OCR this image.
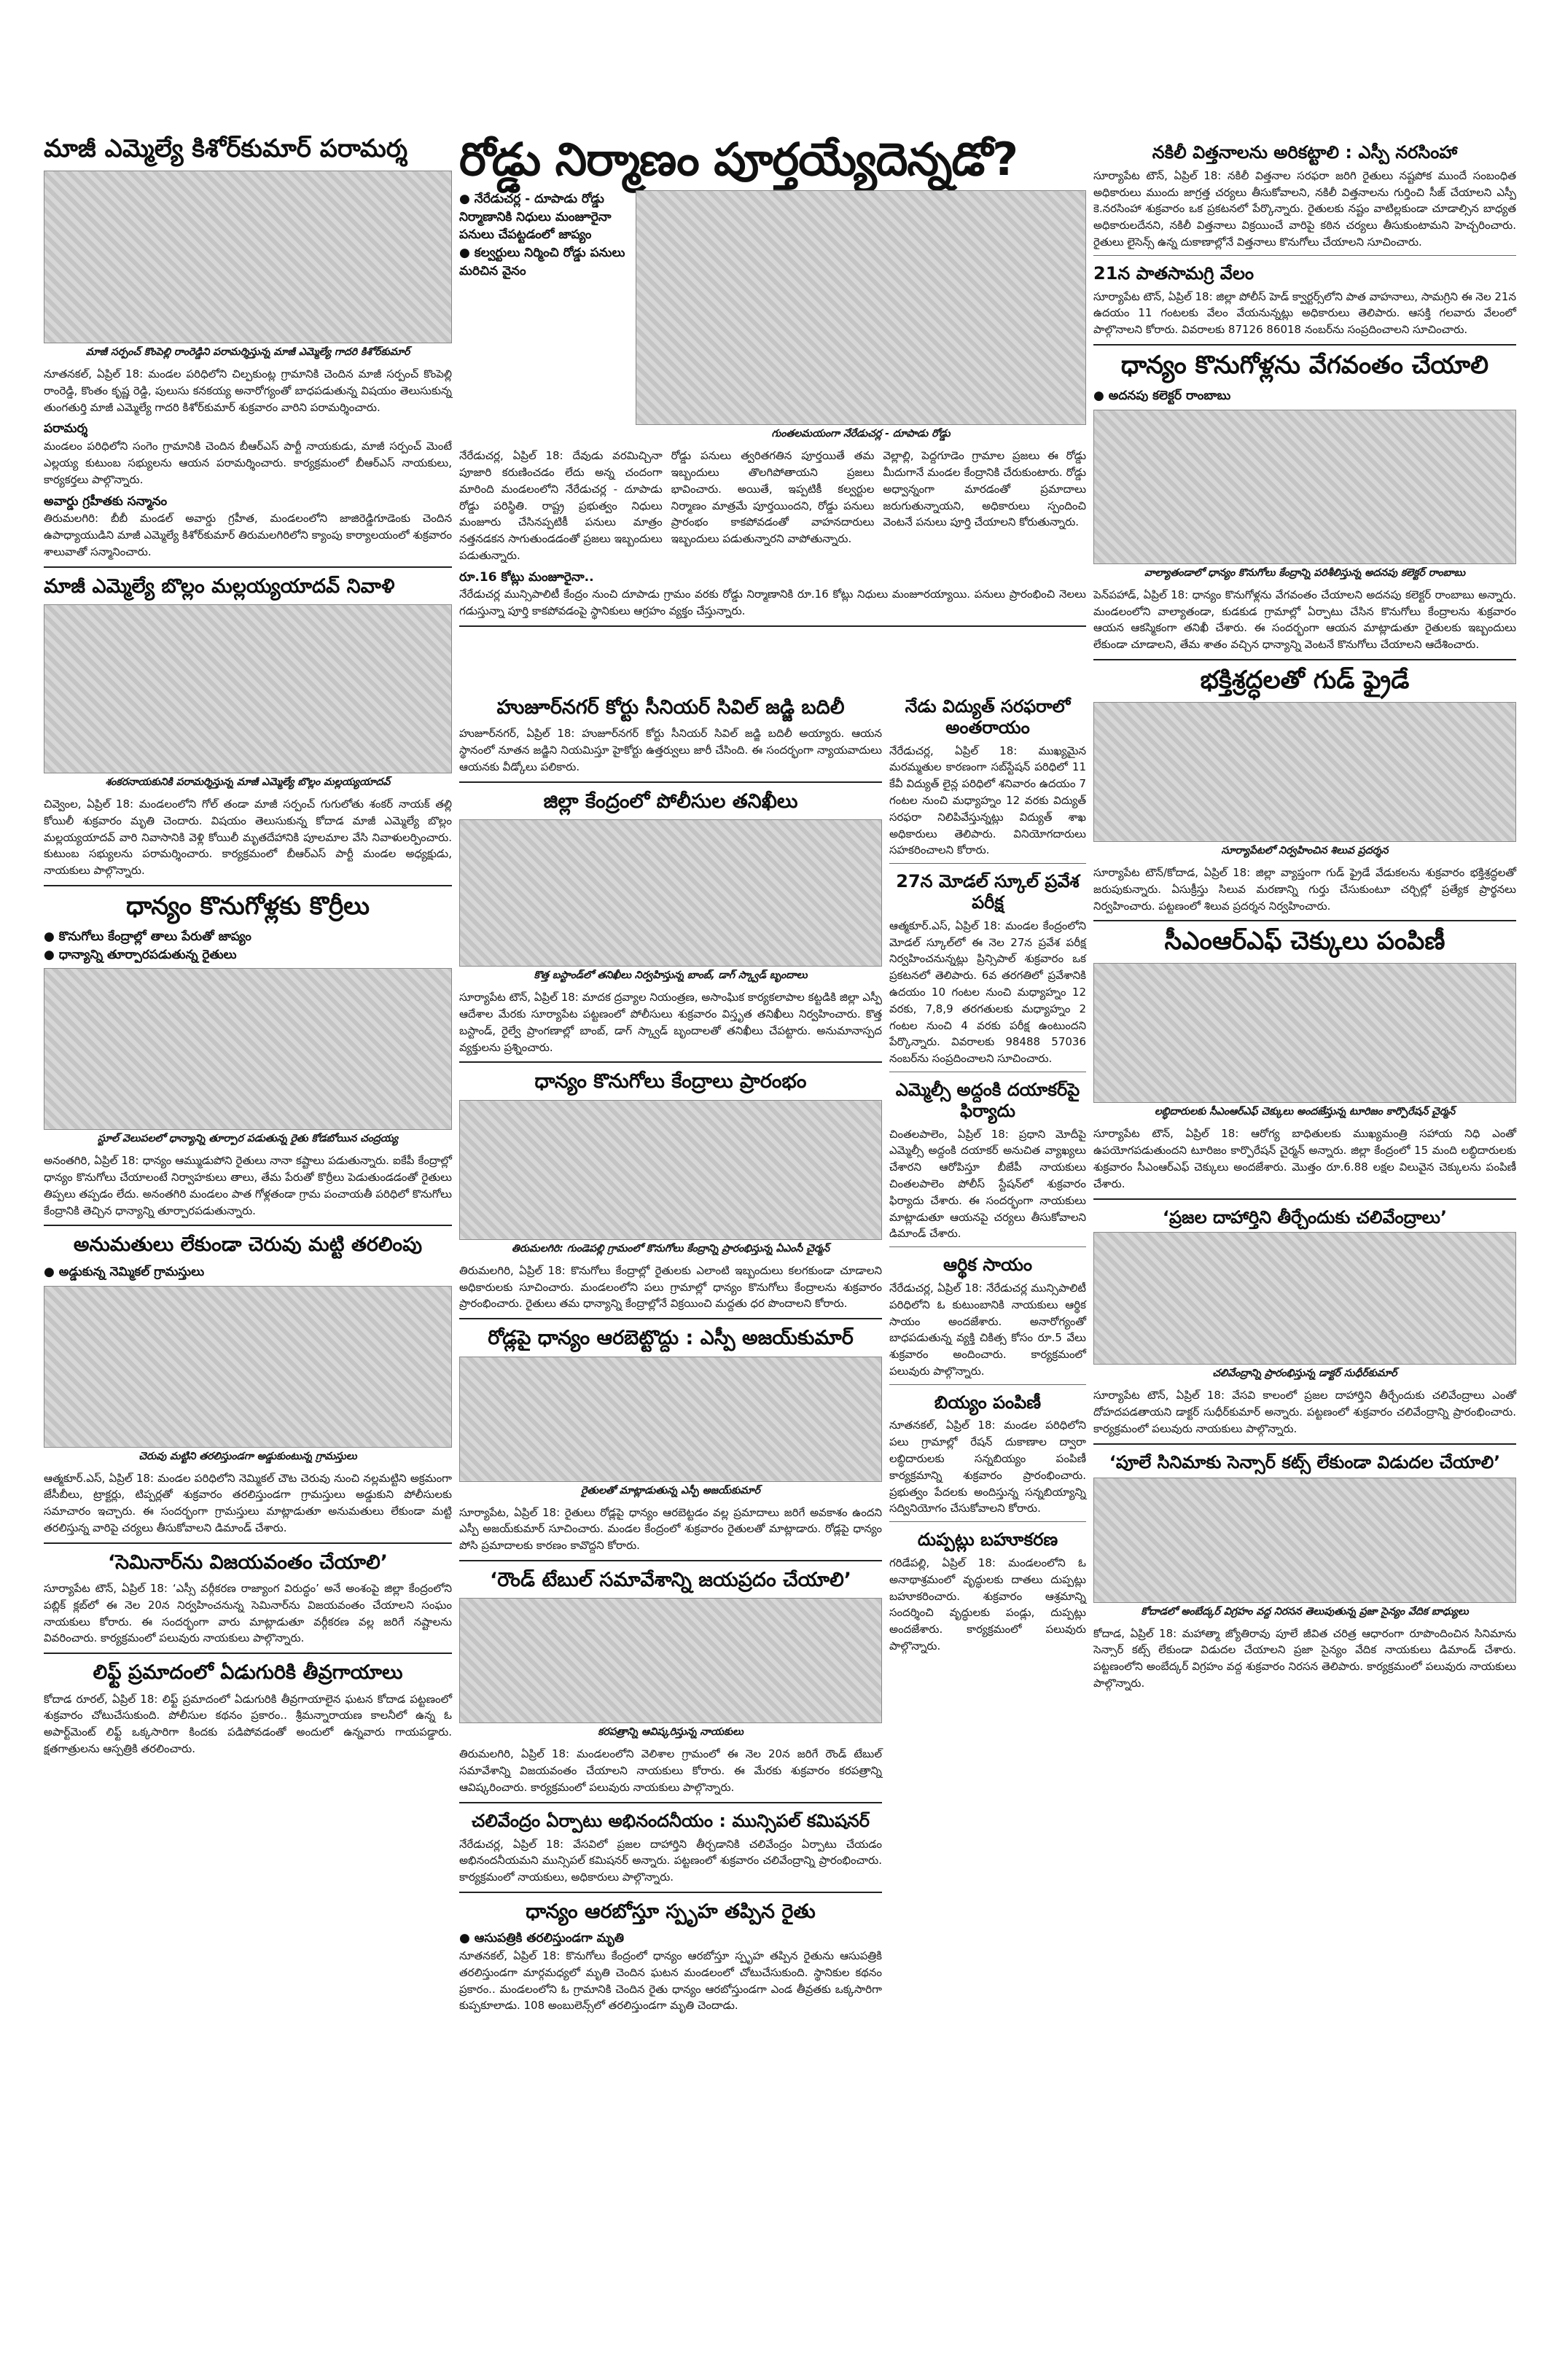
మాజీ ఎమ్మెల్యే కిశోర్‌కుమార్ పరామర్శ
మాజీ సర్పంచ్ కొంపెల్లి రాంరెడ్డిని పరామర్శిస్తున్న మాజీ ఎమ్మెల్యే గాదరి కిశోర్‌కుమార్

నూతనకల్, ఏప్రిల్ 18: మండల పరిధిలోని చిల్పకుంట్ల గ్రామానికి చెందిన మాజీ సర్పంచ్ కొంపెల్లి రాంరెడ్డి, కొంతం కృష్ణ రెడ్డి, పులుసు కనకయ్య అనారోగ్యంతో బాధపడుతున్న విషయం తెలుసుకున్న తుంగతుర్తి మాజీ ఎమ్మెల్యే గాదరి కిశోర్‌కుమార్ శుక్రవారం వారిని పరామర్శించారు.

పరామర్శ

మండలం పరిధిలోని సంగెం గ్రామానికి చెందిన బీఆర్ఎస్ పార్టీ నాయకుడు, మాజీ సర్పంచ్ మెంటే ఎల్లయ్య కుటుంబ సభ్యులను ఆయన పరామర్శించారు. కార్యక్రమంలో బీఆర్ఎస్ నాయకులు, కార్యకర్తలు పాల్గొన్నారు.

అవార్డు గ్రహీతకు సన్మానం

తిరుమలగిరి: బీబీ మండల్ అవార్డు గ్రహీత, మండలంలోని జాజిరెడ్డిగూడెంకు చెందిన ఉపాధ్యాయుడిని మాజీ ఎమ్మెల్యే కిశోర్‌కుమార్ తిరుమలగిరిలోని క్యాంపు కార్యాలయంలో శుక్రవారం శాలువాతో సన్మానించారు.

మాజీ ఎమ్మెల్యే బొల్లం మల్లయ్యయాదవ్ నివాళి
శంకరనాయకునికి పరామర్శిస్తున్న మాజీ ఎమ్మెల్యే బొల్లం మల్లయ్యయాదవ్

చివ్వెంల, ఏప్రిల్ 18: మండలంలోని గోల్ తండా మాజీ సర్పంచ్ గుగులోతు శంకర్ నాయక్ తల్లి కోయిలీ శుక్రవారం మృతి చెందారు. విషయం తెలుసుకున్న కోదాడ మాజీ ఎమ్మెల్యే బొల్లం మల్లయ్యయాదవ్ వారి నివాసానికి వెళ్లి కోయిలీ మృతదేహానికి పూలమాల వేసి నివాళులర్పించారు. కుటుంబ సభ్యులను పరామర్శించారు. కార్యక్రమంలో బీఆర్ఎస్ పార్టీ మండల అధ్యక్షుడు, నాయకులు పాల్గొన్నారు.

ధాన్యం కొనుగోళ్లకు కొర్రీలు
● కొనుగోలు కేంద్రాల్లో తాలు పేరుతో జాప్యం
● ధాన్యాన్ని తూర్పారపడుతున్న రైతులు
స్టూల్ వెలుపలలో ధాన్యాన్ని తూర్పార పడుతున్న రైతు కోడబోయిన చంద్రయ్య

అనంతగిరి, ఏప్రిల్ 18: ధాన్యం ఆమ్ముడుపోని రైతులు నానా కష్టాలు పడుతున్నారు. ఐకేపీ కేంద్రాల్లో ధాన్యం కొనుగోలు చేయాలంటే నిర్వాహకులు తాలు, తేమ పేరుతో కొర్రీలు పెడుతుండడంతో రైతులు తిప్పలు తప్పడం లేదు. అనంతగిరి మండలం పాత గోళ్లతండా గ్రామ పంచాయతీ పరిధిలో కొనుగోలు కేంద్రానికి తెచ్చిన ధాన్యాన్ని తూర్పారపడుతున్నారు.

అనుమతులు లేకుండా చెరువు మట్టి తరలింపు
● అడ్డుకున్న నెమ్మికల్ గ్రామస్తులు
చెరువు మట్టిని తరలిస్తుండగా అడ్డుకుంటున్న గ్రామస్తులు

ఆత్మకూర్.ఎస్, ఏప్రిల్ 18: మండల పరిధిలోని నెమ్మికల్ చౌట చెరువు నుంచి నల్లమట్టిని అక్రమంగా జేసీబీలు, ట్రాక్టర్లు, టిప్పర్లతో శుక్రవారం తరలిస్తుండగా గ్రామస్తులు అడ్డుకుని పోలీసులకు సమాచారం ఇచ్చారు. ఈ సందర్భంగా గ్రామస్తులు మాట్లాడుతూ అనుమతులు లేకుండా మట్టి తరలిస్తున్న వారిపై చర్యలు తీసుకోవాలని డిమాండ్ చేశారు.

‘సెమినార్‌ను విజయవంతం చేయాలి’

సూర్యాపేట టౌన్, ఏప్రిల్ 18: ‘ఎస్సీ వర్గీకరణ రాజ్యాంగ విరుద్ధం’ అనే అంశంపై జిల్లా కేంద్రంలోని పబ్లిక్ క్లబ్‌లో ఈ నెల 20న నిర్వహించనున్న సెమినార్‌ను విజయవంతం చేయాలని సంఘం నాయకులు కోరారు. ఈ సందర్భంగా వారు మాట్లాడుతూ వర్గీకరణ వల్ల జరిగే నష్టాలను వివరించారు. కార్యక్రమంలో పలువురు నాయకులు పాల్గొన్నారు.

లిఫ్ట్ ప్రమాదంలో ఏడుగురికి తీవ్రగాయాలు

కోదాడ రూరల్, ఏప్రిల్ 18: లిఫ్ట్ ప్రమాదంలో ఏడుగురికి తీవ్రగాయాలైన ఘటన కోదాడ పట్టణంలో శుక్రవారం చోటుచేసుకుంది. పోలీసుల కథనం ప్రకారం.. శ్రీమన్నారాయణ కాలనీలో ఉన్న ఓ అపార్ట్‌మెంట్ లిఫ్ట్ ఒక్కసారిగా కిందకు పడిపోవడంతో అందులో ఉన్నవారు గాయపడ్డారు. క్షతగాత్రులను ఆస్పత్రికి తరలించారు.

రోడ్డు నిర్మాణం పూర్తయ్యేదెన్నడో?
● నేరేడుచర్ల - దూపాడు రోడ్డు
నిర్మాణానికి నిధులు మంజూరైనా
పనులు చేపట్టడంలో జాప్యం
● కల్వర్టులు నిర్మించి రోడ్డు పనులు
మరిచిన వైనం
గుంతలమయంగా నేరేడుచర్ల - దూపాడు రోడ్డు

నేరేడుచర్ల, ఏప్రిల్ 18: దేవుడు వరమిచ్చినా పూజారి కరుణించడం లేదు అన్న చందంగా మారింది మండలంలోని నేరేడుచర్ల - దూపాడు రోడ్డు పరిస్థితి. రాష్ట్ర ప్రభుత్వం నిధులు మంజూరు చేసినప్పటికీ పనులు మాత్రం నత్తనడకన సాగుతుండడంతో ప్రజలు ఇబ్బందులు పడుతున్నారు.

రోడ్డు పనులు త్వరితగతిన పూర్తయితే తమ ఇబ్బందులు తొలగిపోతాయని ప్రజలు భావించారు. అయితే, ఇప్పటికీ కల్వర్టుల నిర్మాణం మాత్రమే పూర్తయిందని, రోడ్డు పనులు ప్రారంభం కాకపోవడంతో వాహనదారులు ఇబ్బందులు పడుతున్నారని వాపోతున్నారు.

వెల్లాల్లి, పెద్దగూడెం గ్రామాల ప్రజలు ఈ రోడ్డు మీదుగానే మండల కేంద్రానికి చేరుకుంటారు. రోడ్డు అధ్వాన్నంగా మారడంతో ప్రమాదాలు జరుగుతున్నాయని, అధికారులు స్పందించి వెంటనే పనులు పూర్తి చేయాలని కోరుతున్నారు.

రూ.16 కోట్లు మంజూరైనా..

నేరేడుచర్ల మున్సిపాలిటీ కేంద్రం నుంచి దూపాడు గ్రామం వరకు రోడ్డు నిర్మాణానికి రూ.16 కోట్లు నిధులు మంజూరయ్యాయి. పనులు ప్రారంభించి నెలలు గడుస్తున్నా పూర్తి కాకపోవడంపై స్థానికులు ఆగ్రహం వ్యక్తం చేస్తున్నారు.

హుజూర్‌నగర్ కోర్టు సీనియర్ సివిల్ జడ్జి బదిలీ

హుజూర్‌నగర్, ఏప్రిల్ 18: హుజూర్‌నగర్ కోర్టు సీనియర్ సివిల్ జడ్జి బదిలీ అయ్యారు. ఆయన స్థానంలో నూతన జడ్జిని నియమిస్తూ హైకోర్టు ఉత్తర్వులు జారీ చేసింది. ఈ సందర్భంగా న్యాయవాదులు ఆయనకు వీడ్కోలు పలికారు.

జిల్లా కేంద్రంలో పోలీసుల తనిఖీలు
కొత్త బస్టాండ్‌లో తనిఖీలు నిర్వహిస్తున్న బాంబ్, డాగ్ స్క్వాడ్ బృందాలు

సూర్యాపేట టౌన్, ఏప్రిల్ 18: మాదక ద్రవ్యాల నియంత్రణ, అసాంఘిక కార్యకలాపాల కట్టడికి జిల్లా ఎస్పీ ఆదేశాల మేరకు సూర్యాపేట పట్టణంలో పోలీసులు శుక్రవారం విస్తృత తనిఖీలు నిర్వహించారు. కొత్త బస్టాండ్, రైల్వే ప్రాంగణాల్లో బాంబ్, డాగ్ స్క్వాడ్ బృందాలతో తనిఖీలు చేపట్టారు. అనుమానాస్పద వ్యక్తులను ప్రశ్నించారు.

ధాన్యం కొనుగోలు కేంద్రాలు ప్రారంభం
తిరుమలగిరి: గుండెపల్లి గ్రామంలో కొనుగోలు కేంద్రాన్ని ప్రారంభిస్తున్న ఏఎంసీ చైర్మన్

తిరుమలగిరి, ఏప్రిల్ 18: కొనుగోలు కేంద్రాల్లో రైతులకు ఎలాంటి ఇబ్బందులు కలగకుండా చూడాలని అధికారులకు సూచించారు. మండలంలోని పలు గ్రామాల్లో ధాన్యం కొనుగోలు కేంద్రాలను శుక్రవారం ప్రారంభించారు. రైతులు తమ ధాన్యాన్ని కేంద్రాల్లోనే విక్రయించి మద్దతు ధర పొందాలని కోరారు.

రోడ్లపై ధాన్యం ఆరబెట్టొద్దు : ఎస్పీ అజయ్‌కుమార్
రైతులతో మాట్లాడుతున్న ఎస్పీ అజయ్‌కుమార్

సూర్యాపేట, ఏప్రిల్ 18: రైతులు రోడ్లపై ధాన్యం ఆరబెట్టడం వల్ల ప్రమాదాలు జరిగే అవకాశం ఉందని ఎస్పీ అజయ్‌కుమార్ సూచించారు. మండల కేంద్రంలో శుక్రవారం రైతులతో మాట్లాడారు. రోడ్లపై ధాన్యం పోసి ప్రమాదాలకు కారణం కావొద్దని కోరారు.

‘రౌండ్ టేబుల్ సమావేశాన్ని జయప్రదం చేయాలి’
కరపత్రాన్ని ఆవిష్కరిస్తున్న నాయకులు

తిరుమలగిరి, ఏప్రిల్ 18: మండలంలోని వెలిశాల గ్రామంలో ఈ నెల 20న జరిగే రౌండ్ టేబుల్ సమావేశాన్ని విజయవంతం చేయాలని నాయకులు కోరారు. ఈ మేరకు శుక్రవారం కరపత్రాన్ని ఆవిష్కరించారు. కార్యక్రమంలో పలువురు నాయకులు పాల్గొన్నారు.

చలివేంద్రం ఏర్పాటు అభినందనీయం : మున్సిపల్ కమిషనర్

నేరేడుచర్ల, ఏప్రిల్ 18: వేసవిలో ప్రజల దాహార్తిని తీర్చడానికి చలివేంద్రం ఏర్పాటు చేయడం అభినందనీయమని మున్సిపల్ కమిషనర్ అన్నారు. పట్టణంలో శుక్రవారం చలివేంద్రాన్ని ప్రారంభించారు. కార్యక్రమంలో నాయకులు, అధికారులు పాల్గొన్నారు.

ధాన్యం ఆరబోస్తూ స్పృహ తప్పిన రైతు
● ఆసుపత్రికి తరలిస్తుండగా మృతి

నూతనకల్, ఏప్రిల్ 18: కొనుగోలు కేంద్రంలో ధాన్యం ఆరబోస్తూ స్పృహ తప్పిన రైతును ఆసుపత్రికి తరలిస్తుండగా మార్గమధ్యలో మృతి చెందిన ఘటన మండలంలో చోటుచేసుకుంది. స్థానికుల కథనం ప్రకారం.. మండలంలోని ఓ గ్రామానికి చెందిన రైతు ధాన్యం ఆరబోస్తుండగా ఎండ తీవ్రతకు ఒక్కసారిగా కుప్పకూలాడు. 108 అంబులెన్స్‌లో తరలిస్తుండగా మృతి చెందాడు.

నేడు విద్యుత్ సరఫరాలో అంతరాయం

నేరేడుచర్ల, ఏప్రిల్ 18: ముఖ్యమైన మరమ్మతుల కారణంగా సబ్‌స్టేషన్ పరిధిలో 11 కేవీ విద్యుత్ లైన్ల పరిధిలో శనివారం ఉదయం 7 గంటల నుంచి మధ్యాహ్నం 12 వరకు విద్యుత్ సరఫరా నిలిపివేస్తున్నట్లు విద్యుత్ శాఖ అధికారులు తెలిపారు. వినియోగదారులు సహకరించాలని కోరారు.

27న మోడల్ స్కూల్ ప్రవేశ పరీక్ష

ఆత్మకూర్.ఎస్, ఏప్రిల్ 18: మండల కేంద్రంలోని మోడల్ స్కూల్‌లో ఈ నెల 27న ప్రవేశ పరీక్ష నిర్వహించనున్నట్లు ప్రిన్సిపాల్ శుక్రవారం ఒక ప్రకటనలో తెలిపారు. 6వ తరగతిలో ప్రవేశానికి ఉదయం 10 గంటల నుంచి మధ్యాహ్నం 12 వరకు, 7,8,9 తరగతులకు మధ్యాహ్నం 2 గంటల నుంచి 4 వరకు పరీక్ష ఉంటుందని పేర్కొన్నారు. వివరాలకు 98488 57036 నంబర్‌ను సంప్రదించాలని సూచించారు.

ఎమ్మెల్సీ అద్దంకి దయాకర్‌పై ఫిర్యాదు

చింతలపాలెం, ఏప్రిల్ 18: ప్రధాని మోదీపై ఎమ్మెల్సీ అద్దంకి దయాకర్ అనుచిత వ్యాఖ్యలు చేశారని ఆరోపిస్తూ బీజేపీ నాయకులు చింతలపాలెం పోలీస్ స్టేషన్‌లో శుక్రవారం ఫిర్యాదు చేశారు. ఈ సందర్భంగా నాయకులు మాట్లాడుతూ ఆయనపై చర్యలు తీసుకోవాలని డిమాండ్ చేశారు.

ఆర్థిక సాయం

నేరేడుచర్ల, ఏప్రిల్ 18: నేరేడుచర్ల మున్సిపాలిటీ పరిధిలోని ఓ కుటుంబానికి నాయకులు ఆర్థిక సాయం అందజేశారు. అనారోగ్యంతో బాధపడుతున్న వ్యక్తి చికిత్స కోసం రూ.5 వేలు శుక్రవారం అందించారు. కార్యక్రమంలో పలువురు పాల్గొన్నారు.

బియ్యం పంపిణీ

నూతనకల్, ఏప్రిల్ 18: మండల పరిధిలోని పలు గ్రామాల్లో రేషన్ దుకాణాల ద్వారా లబ్ధిదారులకు సన్నబియ్యం పంపిణీ కార్యక్రమాన్ని శుక్రవారం ప్రారంభించారు. ప్రభుత్వం పేదలకు అందిస్తున్న సన్నబియ్యాన్ని సద్వినియోగం చేసుకోవాలని కోరారు.

దుప్పట్లు బహూకరణ

గరిడేపల్లి, ఏప్రిల్ 18: మండలంలోని ఓ అనాథాశ్రమంలో వృద్ధులకు దాతలు దుప్పట్లు బహూకరించారు. శుక్రవారం ఆశ్రమాన్ని సందర్శించి వృద్ధులకు పండ్లు, దుప్పట్లు అందజేశారు. కార్యక్రమంలో పలువురు పాల్గొన్నారు.

నకిలీ విత్తనాలను అరికట్టాలి : ఎస్పీ నరసింహా

సూర్యాపేట టౌన్, ఏప్రిల్ 18: నకిలీ విత్తనాల సరఫరా జరిగి రైతులు నష్టపోక ముందే సంబంధిత అధికారులు ముందు జాగ్రత్త చర్యలు తీసుకోవాలని, నకిలీ విత్తనాలను గుర్తించి సీజ్ చేయాలని ఎస్పీ కె.నరసింహా శుక్రవారం ఒక ప్రకటనలో పేర్కొన్నారు. రైతులకు నష్టం వాటిల్లకుండా చూడాల్సిన బాధ్యత అధికారులదేనని, నకిలీ విత్తనాలు విక్రయించే వారిపై కఠిన చర్యలు తీసుకుంటామని హెచ్చరించారు. రైతులు లైసెన్స్ ఉన్న దుకాణాల్లోనే విత్తనాలు కొనుగోలు చేయాలని సూచించారు.

21న పాతసామగ్రి వేలం

సూర్యాపేట టౌన్, ఏప్రిల్ 18: జిల్లా పోలీస్ హెడ్ క్వార్టర్స్‌లోని పాత వాహనాలు, సామగ్రిని ఈ నెల 21న ఉదయం 11 గంటలకు వేలం వేయనున్నట్లు అధికారులు తెలిపారు. ఆసక్తి గలవారు వేలంలో పాల్గొనాలని కోరారు. వివరాలకు 87126 86018 నంబర్‌ను సంప్రదించాలని సూచించారు.

ధాన్యం కొనుగోళ్లను వేగవంతం చేయాలి
● అదనపు కలెక్టర్ రాంబాబు
వాల్యాతండాలో ధాన్యం కొనుగోలు కేంద్రాన్ని పరిశీలిస్తున్న అదనపు కలెక్టర్ రాంబాబు

పెన్‌పహాడ్, ఏప్రిల్ 18: ధాన్యం కొనుగోళ్లను వేగవంతం చేయాలని అదనపు కలెక్టర్ రాంబాబు అన్నారు. మండలంలోని వాల్యాతండా, కుడకుడ గ్రామాల్లో ఏర్పాటు చేసిన కొనుగోలు కేంద్రాలను శుక్రవారం ఆయన ఆకస్మికంగా తనిఖీ చేశారు. ఈ సందర్భంగా ఆయన మాట్లాడుతూ రైతులకు ఇబ్బందులు లేకుండా చూడాలని, తేమ శాతం వచ్చిన ధాన్యాన్ని వెంటనే కొనుగోలు చేయాలని ఆదేశించారు.

భక్తిశ్రద్ధలతో గుడ్ ఫ్రైడే
సూర్యాపేటలో నిర్వహించిన శిలువ ప్రదర్శన

సూర్యాపేట టౌన్/కోదాడ, ఏప్రిల్ 18: జిల్లా వ్యాప్తంగా గుడ్ ఫ్రైడే వేడుకలను శుక్రవారం భక్తిశ్రద్ధలతో జరుపుకున్నారు. ఏసుక్రీస్తు సిలువ మరణాన్ని గుర్తు చేసుకుంటూ చర్చిల్లో ప్రత్యేక ప్రార్థనలు నిర్వహించారు. పట్టణంలో శిలువ ప్రదర్శన నిర్వహించారు.

సీఎంఆర్ఎఫ్ చెక్కులు పంపిణీ
లబ్ధిదారులకు సీఎంఆర్ఎఫ్ చెక్కులు అందజేస్తున్న టూరిజం కార్పొరేషన్ చైర్మన్

సూర్యాపేట టౌన్, ఏప్రిల్ 18: ఆరోగ్య బాధితులకు ముఖ్యమంత్రి సహాయ నిధి ఎంతో ఉపయోగపడుతుందని టూరిజం కార్పొరేషన్ చైర్మన్ అన్నారు. జిల్లా కేంద్రంలో 15 మంది లబ్ధిదారులకు శుక్రవారం సీఎంఆర్ఎఫ్ చెక్కులు అందజేశారు. మొత్తం రూ.6.88 లక్షల విలువైన చెక్కులను పంపిణీ చేశారు.

‘ప్రజల దాహార్తిని తీర్చేందుకు చలివేంద్రాలు’
చలివేంద్రాన్ని ప్రారంభిస్తున్న డాక్టర్ సుధీర్‌కుమార్

సూర్యాపేట టౌన్, ఏప్రిల్ 18: వేసవి కాలంలో ప్రజల దాహార్తిని తీర్చేందుకు చలివేంద్రాలు ఎంతో దోహదపడతాయని డాక్టర్ సుధీర్‌కుమార్ అన్నారు. పట్టణంలో శుక్రవారం చలివేంద్రాన్ని ప్రారంభించారు. కార్యక్రమంలో పలువురు నాయకులు పాల్గొన్నారు.

‘పూలే సినిమాకు సెన్సార్ కట్స్ లేకుండా విడుదల చేయాలి’
కోదాడలో అంబేద్కర్ విగ్రహం వద్ద నిరసన తెలుపుతున్న ప్రజా సైన్యం వేదిక బాధ్యులు

కోదాడ, ఏప్రిల్ 18: మహాత్మా జ్యోతిరావు పూలే జీవిత చరిత్ర ఆధారంగా రూపొందించిన సినిమాను సెన్సార్ కట్స్ లేకుండా విడుదల చేయాలని ప్రజా సైన్యం వేదిక నాయకులు డిమాండ్ చేశారు. పట్టణంలోని అంబేద్కర్ విగ్రహం వద్ద శుక్రవారం నిరసన తెలిపారు. కార్యక్రమంలో పలువురు నాయకులు పాల్గొన్నారు.
